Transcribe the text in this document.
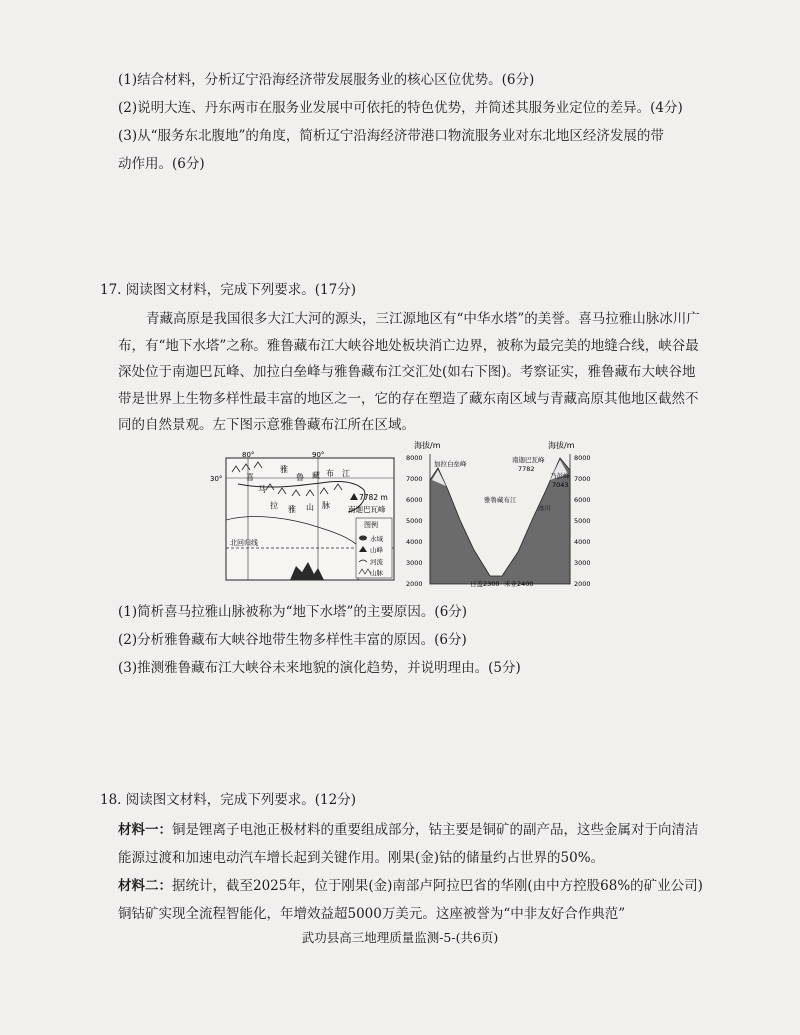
(1)结合材料，分析辽宁沿海经济带发展服务业的核心区位优势。(6分)
(2)说明大连、丹东两市在服务业发展中可依托的特色优势，并简述其服务业定位的差异。(4分)
(3)从“服务东北腹地”的角度，简析辽宁沿海经济带港口物流服务业对东北地区经济发展的带
动作用。(6分)
17. 阅读图文材料，完成下列要求。(17分)
青藏高原是我国很多大江大河的源头，三江源地区有“中华水塔”的美誉。喜马拉雅山脉冰川广布，有“地下水塔”之称。雅鲁藏布江大峡谷地处板块消亡边界，被称为最完美的地缝合线，峡谷最深处位于南迦巴瓦峰、加拉白垒峰与雅鲁藏布江交汇处(如右下图)。考察证实，雅鲁藏布大峡谷地带是世界上生物多样性最丰富的地区之一，它的存在塑造了藏东南区域与青藏高原其他地区截然不同的自然景观。左下图示意雅鲁藏布江所在区域。
80°	90°
30°	喜
马
拉 雅 山 脉
雅
鲁 藏 布 江
7782 m
南迦巴瓦峰
北回归线
图例
水域
山峰
河流
山脉
海拔/m	海拔/m
8000
7000
6000
5000
4000
3000
2000
8000
7000
6000
5000
4000
3000
2000
加拉白垒峰	南迦巴瓦峰
7782
乃彭峰
7043
雅鲁藏布江
冰川
日盖2300 米业2400
(1)简析喜马拉雅山脉被称为“地下水塔”的主要原因。(6分)
(2)分析雅鲁藏布大峡谷地带生物多样性丰富的原因。(6分)
(3)推测雅鲁藏布江大峡谷未来地貌的演化趋势，并说明理由。(5分)
18. 阅读图文材料，完成下列要求。(12分)
材料一：铜是锂离子电池正极材料的重要组成部分，钴主要是铜矿的副产品，这些金属对于向清洁能源过渡和加速电动汽车增长起到关键作用。刚果(金)钴的储量约占世界的50%。
材料二：据统计，截至2025年，位于刚果(金)南部卢阿拉巴省的华刚(由中方控股68%的矿业公司)铜钴矿实现全流程智能化，年增效益超5000万美元。这座被誉为“中非友好合作典范”
武功县高三地理质量监测-5-(共6页)
